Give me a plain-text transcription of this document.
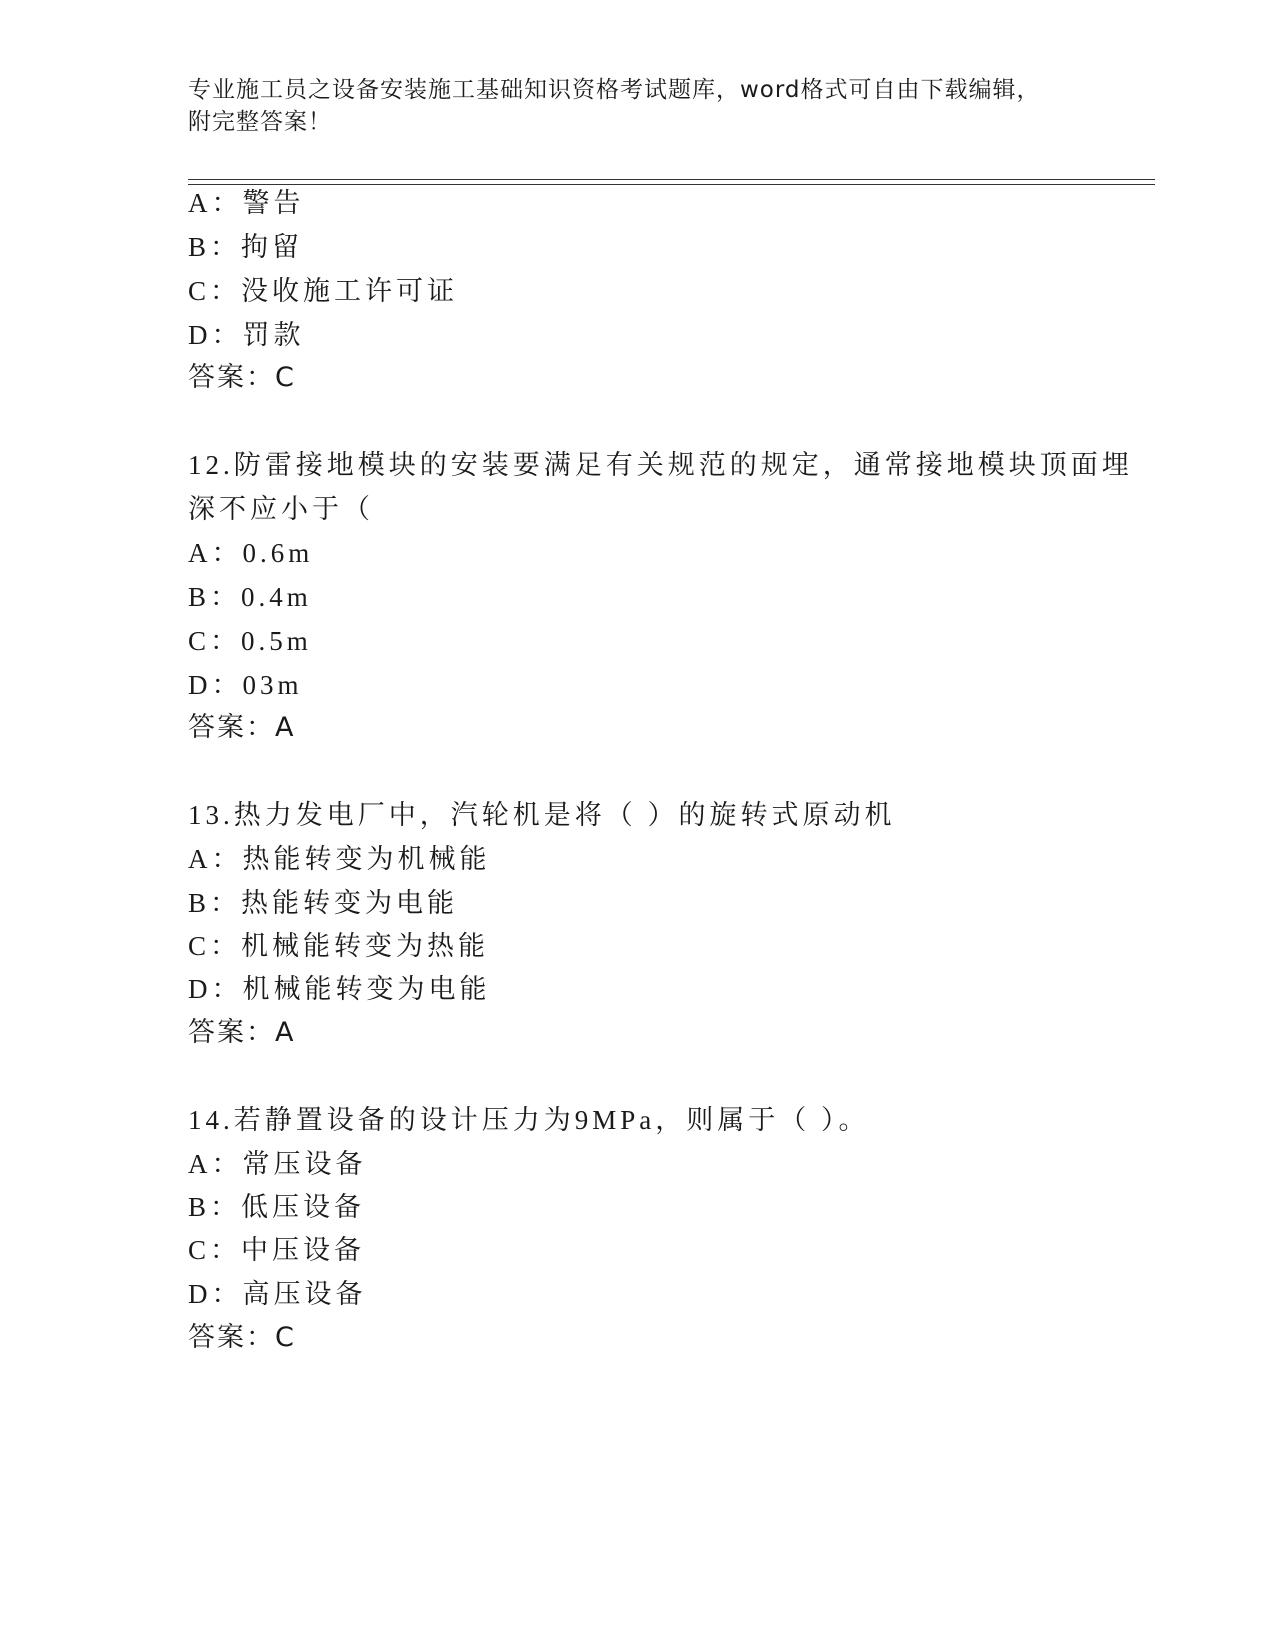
专业施工员之设备安装施工基础知识资格考试题库，word格式可自由下载编辑，
附完整答案！
A：警告
B：拘留
C：没收施工许可证
D：罚款
答案：C
12.防雷接地模块的安装要满足有关规范的规定，通常接地模块顶面埋
深不应小于（
A：0.6m
B：0.4m
C：0.5m
D：03m
答案：A
13.热力发电厂中，汽轮机是将（ ）的旋转式原动机
A：热能转变为机械能
B：热能转变为电能
C：机械能转变为热能
D：机械能转变为电能
答案：A
14.若静置设备的设计压力为9MPa，则属于（ ）。
A：常压设备
B：低压设备
C：中压设备
D：高压设备
答案：C
